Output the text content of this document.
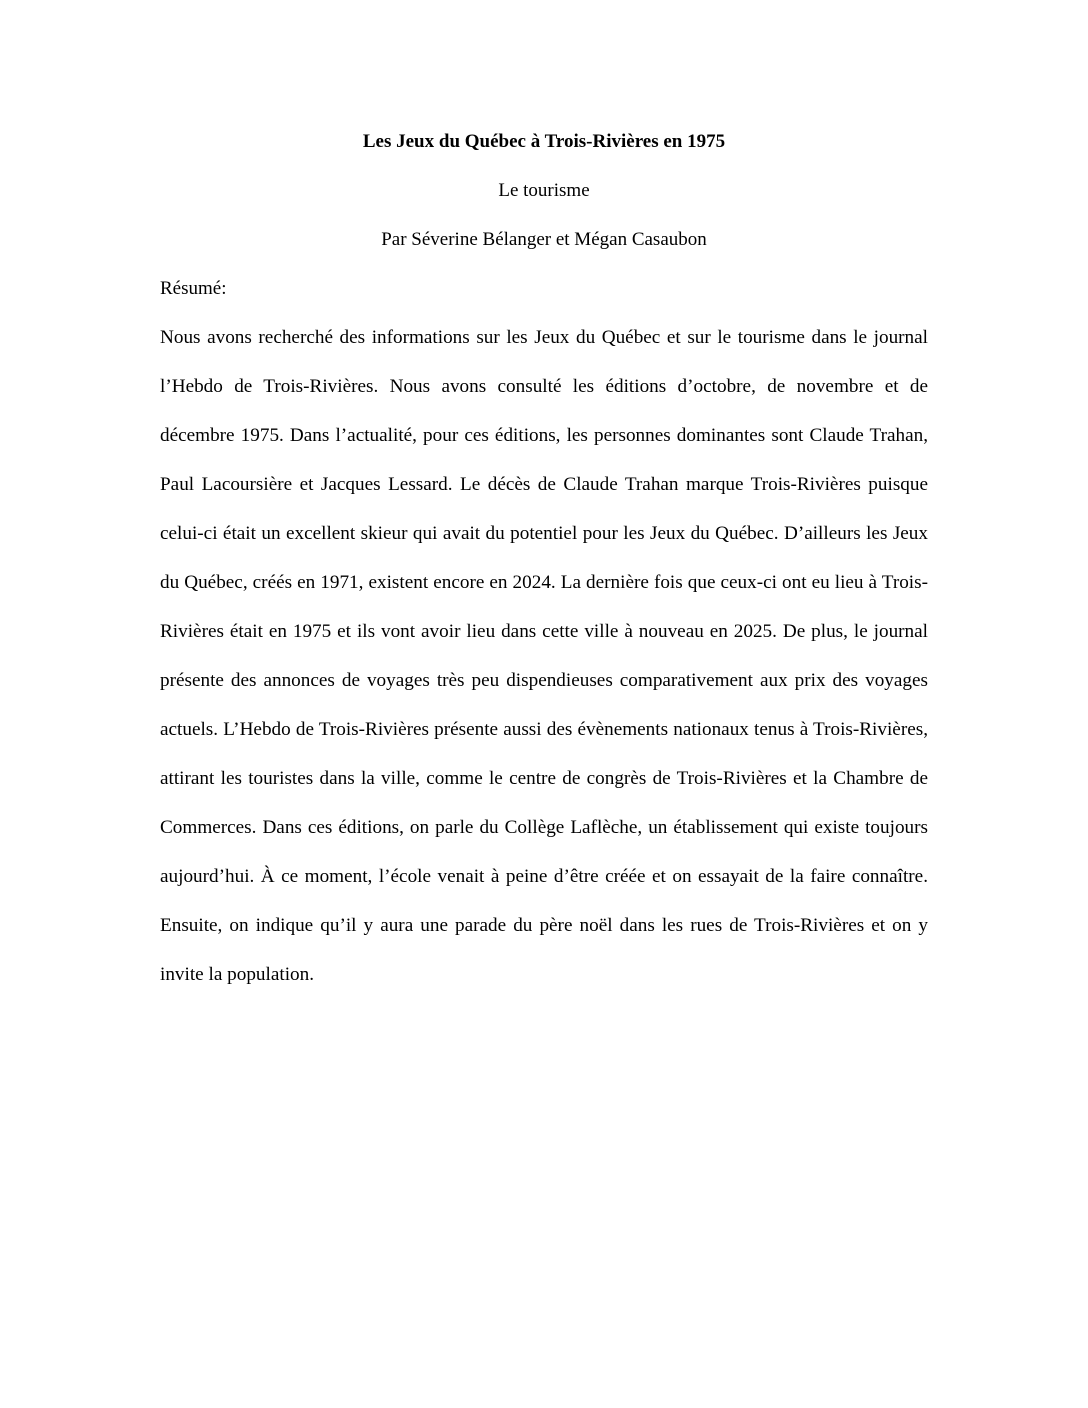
Les Jeux du Québec à Trois-Rivières en 1975

Le tourisme

Par Séverine Bélanger et Mégan Casaubon

Résumé:

Nous avons recherché des informations sur les Jeux du Québec et sur le tourisme dans le journal l’Hebdo de Trois-Rivières. Nous avons consulté les éditions d’octobre, de novembre et de décembre 1975. Dans l’actualité, pour ces éditions, les personnes dominantes sont Claude Trahan, Paul Lacoursière et Jacques Lessard. Le décès de Claude Trahan marque Trois-Rivières puisque celui-ci était un excellent skieur qui avait du potentiel pour les Jeux du Québec. D’ailleurs les Jeux du Québec, créés en 1971, existent encore en 2024. La dernière fois que ceux-ci ont eu lieu à Trois-Rivières était en 1975 et ils vont avoir lieu dans cette ville à nouveau en 2025. De plus, le journal présente des annonces de voyages très peu dispendieuses comparativement aux prix des voyages actuels. L’Hebdo de Trois-Rivières présente aussi des évènements nationaux tenus à Trois-Rivières, attirant les touristes dans la ville, comme le centre de congrès de Trois-Rivières et la Chambre de Commerces. Dans ces éditions, on parle du Collège Laflèche, un établissement qui existe toujours aujourd’hui. À ce moment, l’école venait à peine d’être créée et on essayait de la faire connaître. Ensuite, on indique qu’il y aura une parade du père noël dans les rues de Trois-Rivières et on y invite la population.
